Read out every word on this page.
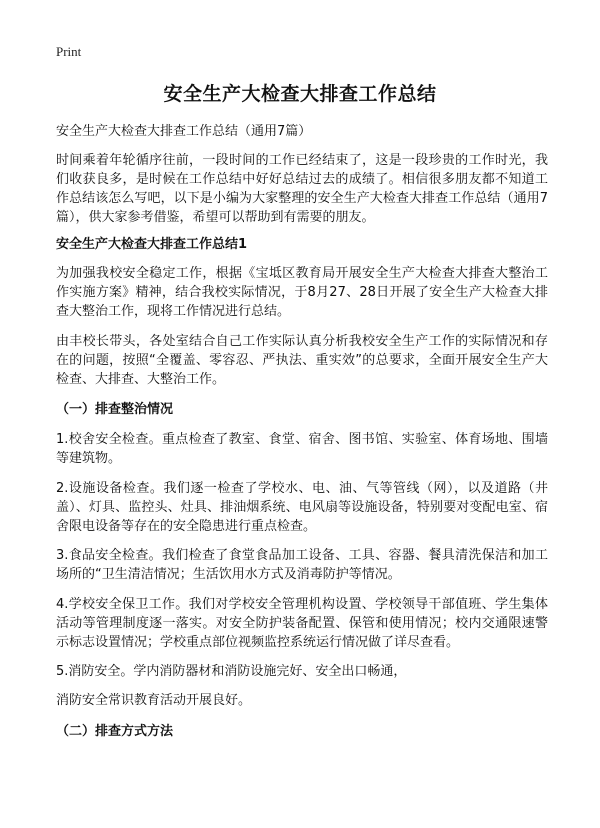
Print
安全生产大检查大排查工作总结

安全生产大检查大排查工作总结（通用7篇）

时间乘着年轮循序往前，一段时间的工作已经结束了，这是一段珍贵的工作时光，我们收获良多，是时候在工作总结中好好总结过去的成绩了。相信很多朋友都不知道工作总结该怎么写吧，以下是小编为大家整理的安全生产大检查大排查工作总结（通用7篇），供大家参考借鉴，希望可以帮助到有需要的朋友。

安全生产大检查大排查工作总结1

为加强我校安全稳定工作，根据《宝坻区教育局开展安全生产大检查大排查大整治工作实施方案》精神，结合我校实际情况，于8月27、28日开展了安全生产大检查大排查大整治工作，现将工作情况进行总结。

由丰校长带头，各处室结合自己工作实际认真分析我校安全生产工作的实际情况和存在的问题，按照“全覆盖、零容忍、严执法、重实效”的总要求，全面开展安全生产大检查、大排查、大整治工作。

（一）排查整治情况

1.校舍安全检查。重点检查了教室、食堂、宿舍、图书馆、实验室、体育场地、围墙等建筑物。

2.设施设备检查。我们逐一检查了学校水、电、油、气等管线（网），以及道路（井盖）、灯具、监控头、灶具、排油烟系统、电风扇等设施设备，特别要对变配电室、宿舍限电设备等存在的安全隐患进行重点检查。

3.食品安全检查。我们检查了食堂食品加工设备、工具、容器、餐具清洗保洁和加工场所的“卫生清洁情况；生活饮用水方式及消毒防护等情况。

4.学校安全保卫工作。我们对学校安全管理机构设置、学校领导干部值班、学生集体活动等管理制度逐一落实。对安全防护装备配置、保管和使用情况；校内交通限速警示标志设置情况；学校重点部位视频监控系统运行情况做了详尽查看。

5.消防安全。学内消防器材和消防设施完好、安全出口畅通，

消防安全常识教育活动开展良好。

（二）排查方式方法
